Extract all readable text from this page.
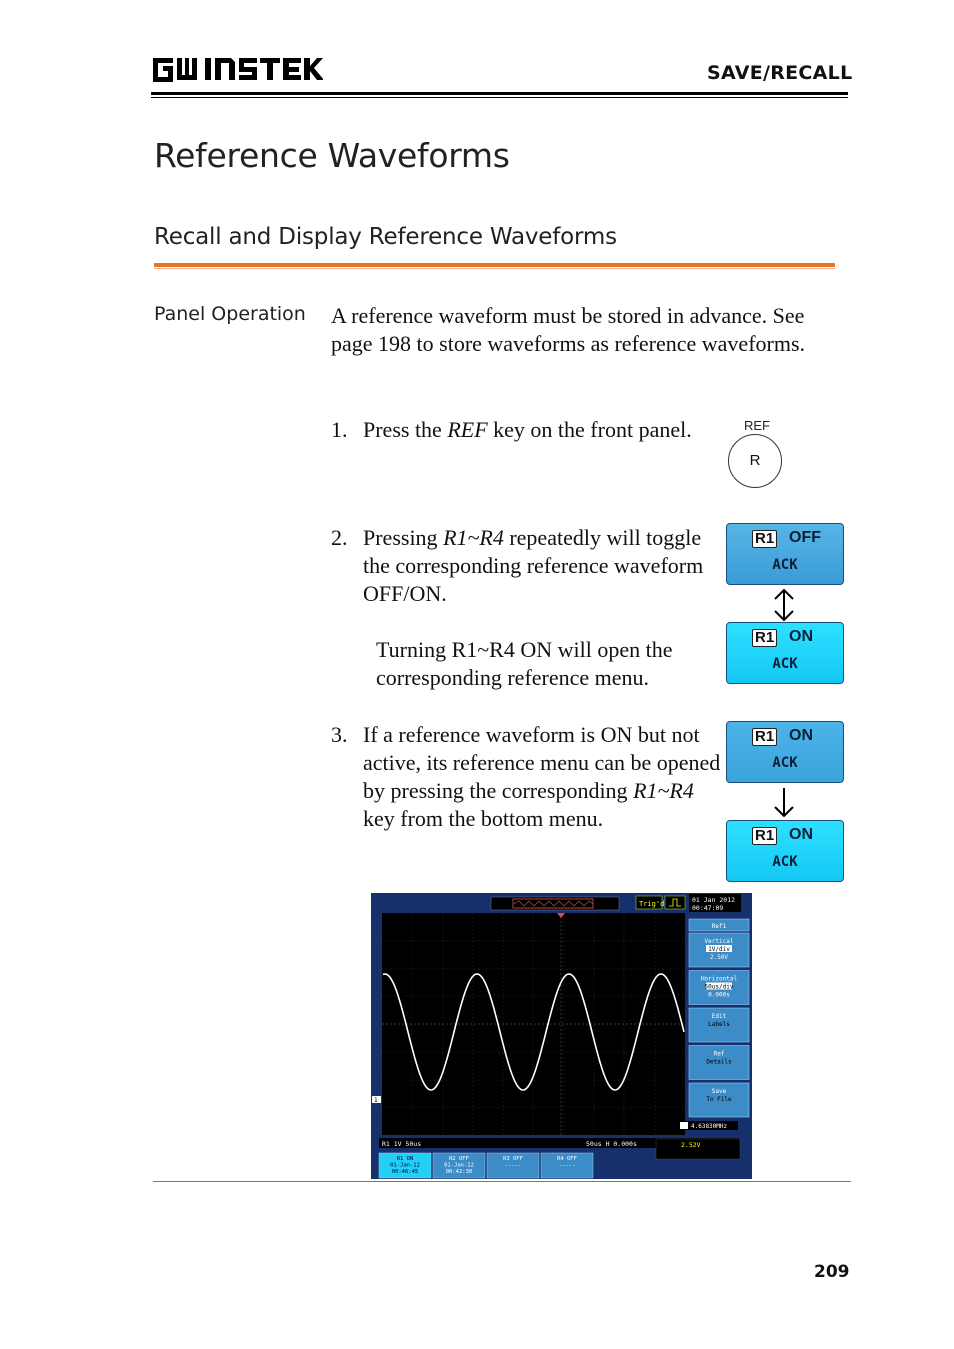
GW INSTEK
SAVE/RECALL
Reference Waveforms
Recall and Display Reference Waveforms
Panel Operation A reference waveform must be stored in advance. See page 198 to store waveforms as reference waveforms.
1. Press the REF key on the front panel.	REF
R
2. Pressing R1~R4 repeatedly will toggle the corresponding reference waveform OFF/ON.
Turning R1~R4 ON will open the corresponding reference menu.
3. If a reference waveform is ON but not active, its reference menu can be opened by pressing the corresponding R1~R4 key from the bottom menu.
R1 OFF
ACK
R1 ON
ACK
R1 ON
ACK
R1 ON
ACK
Trig'd	01 Jan 2012
00:47:09
1
Ref1
Vertical
1V/div
2.50V
Horizontal
50us/div
0.000s
Edit
Labels
Ref
Details
Save
To File
4.63830MHz
R1 1V 50us	50us H 0.000s	2.52V
R1 ON
01-Jan-12
00:46:45
R2 OFF
01-Jan-12
00:42:30
R3 OFF
-----
R4 OFF
-----
209
